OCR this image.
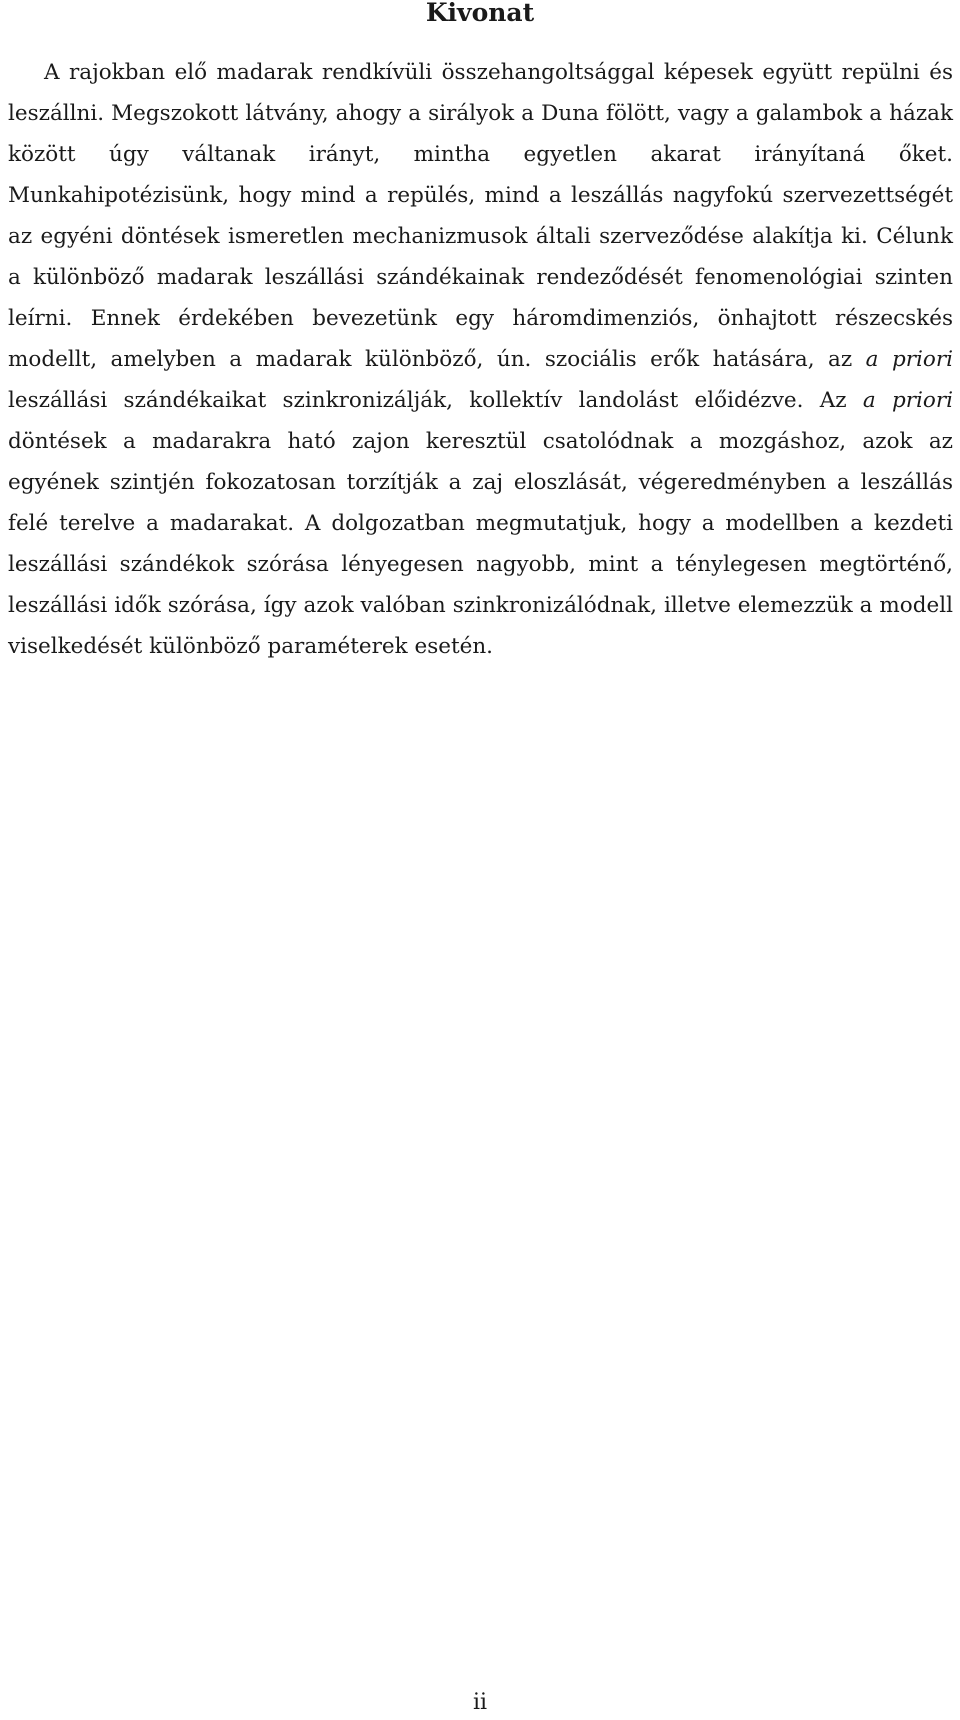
Kivonat

A rajokban elő madarak rendkívüli összehangoltsággal képesek együtt repülni és leszállni. Megszokott látvány, ahogy a sirályok a Duna fölött, vagy a galambok a házak között úgy váltanak irányt, mintha egyetlen akarat irányítaná őket. Munkahipotézisünk, hogy mind a repülés, mind a leszállás nagyfokú szervezettségét az egyéni döntések ismeretlen mechanizmusok általi szerveződése alakítja ki. Célunk a különböző madarak leszállási szándékainak rendeződését fenomenológiai szinten leírni. Ennek érdekében bevezetünk egy háromdimenziós, önhajtott részecskés modellt, amelyben a madarak különböző, ún. szociális erők hatására, az a priori leszállási szándékaikat szinkronizálják, kollektív landolást előidézve. Az a priori döntések a madarakra ható zajon keresztül csatolódnak a mozgáshoz, azok az egyének szintjén fokozatosan torzítják a zaj eloszlását, végeredményben a leszállás felé terelve a madarakat. A dolgozatban megmutatjuk, hogy a modellben a kezdeti leszállási szándékok szórása lényegesen nagyobb, mint a ténylegesen megtörténő, leszállási idők szórása, így azok valóban szinkronizálódnak, illetve elemezzük a modell viselkedését különböző paraméterek esetén.

ii
